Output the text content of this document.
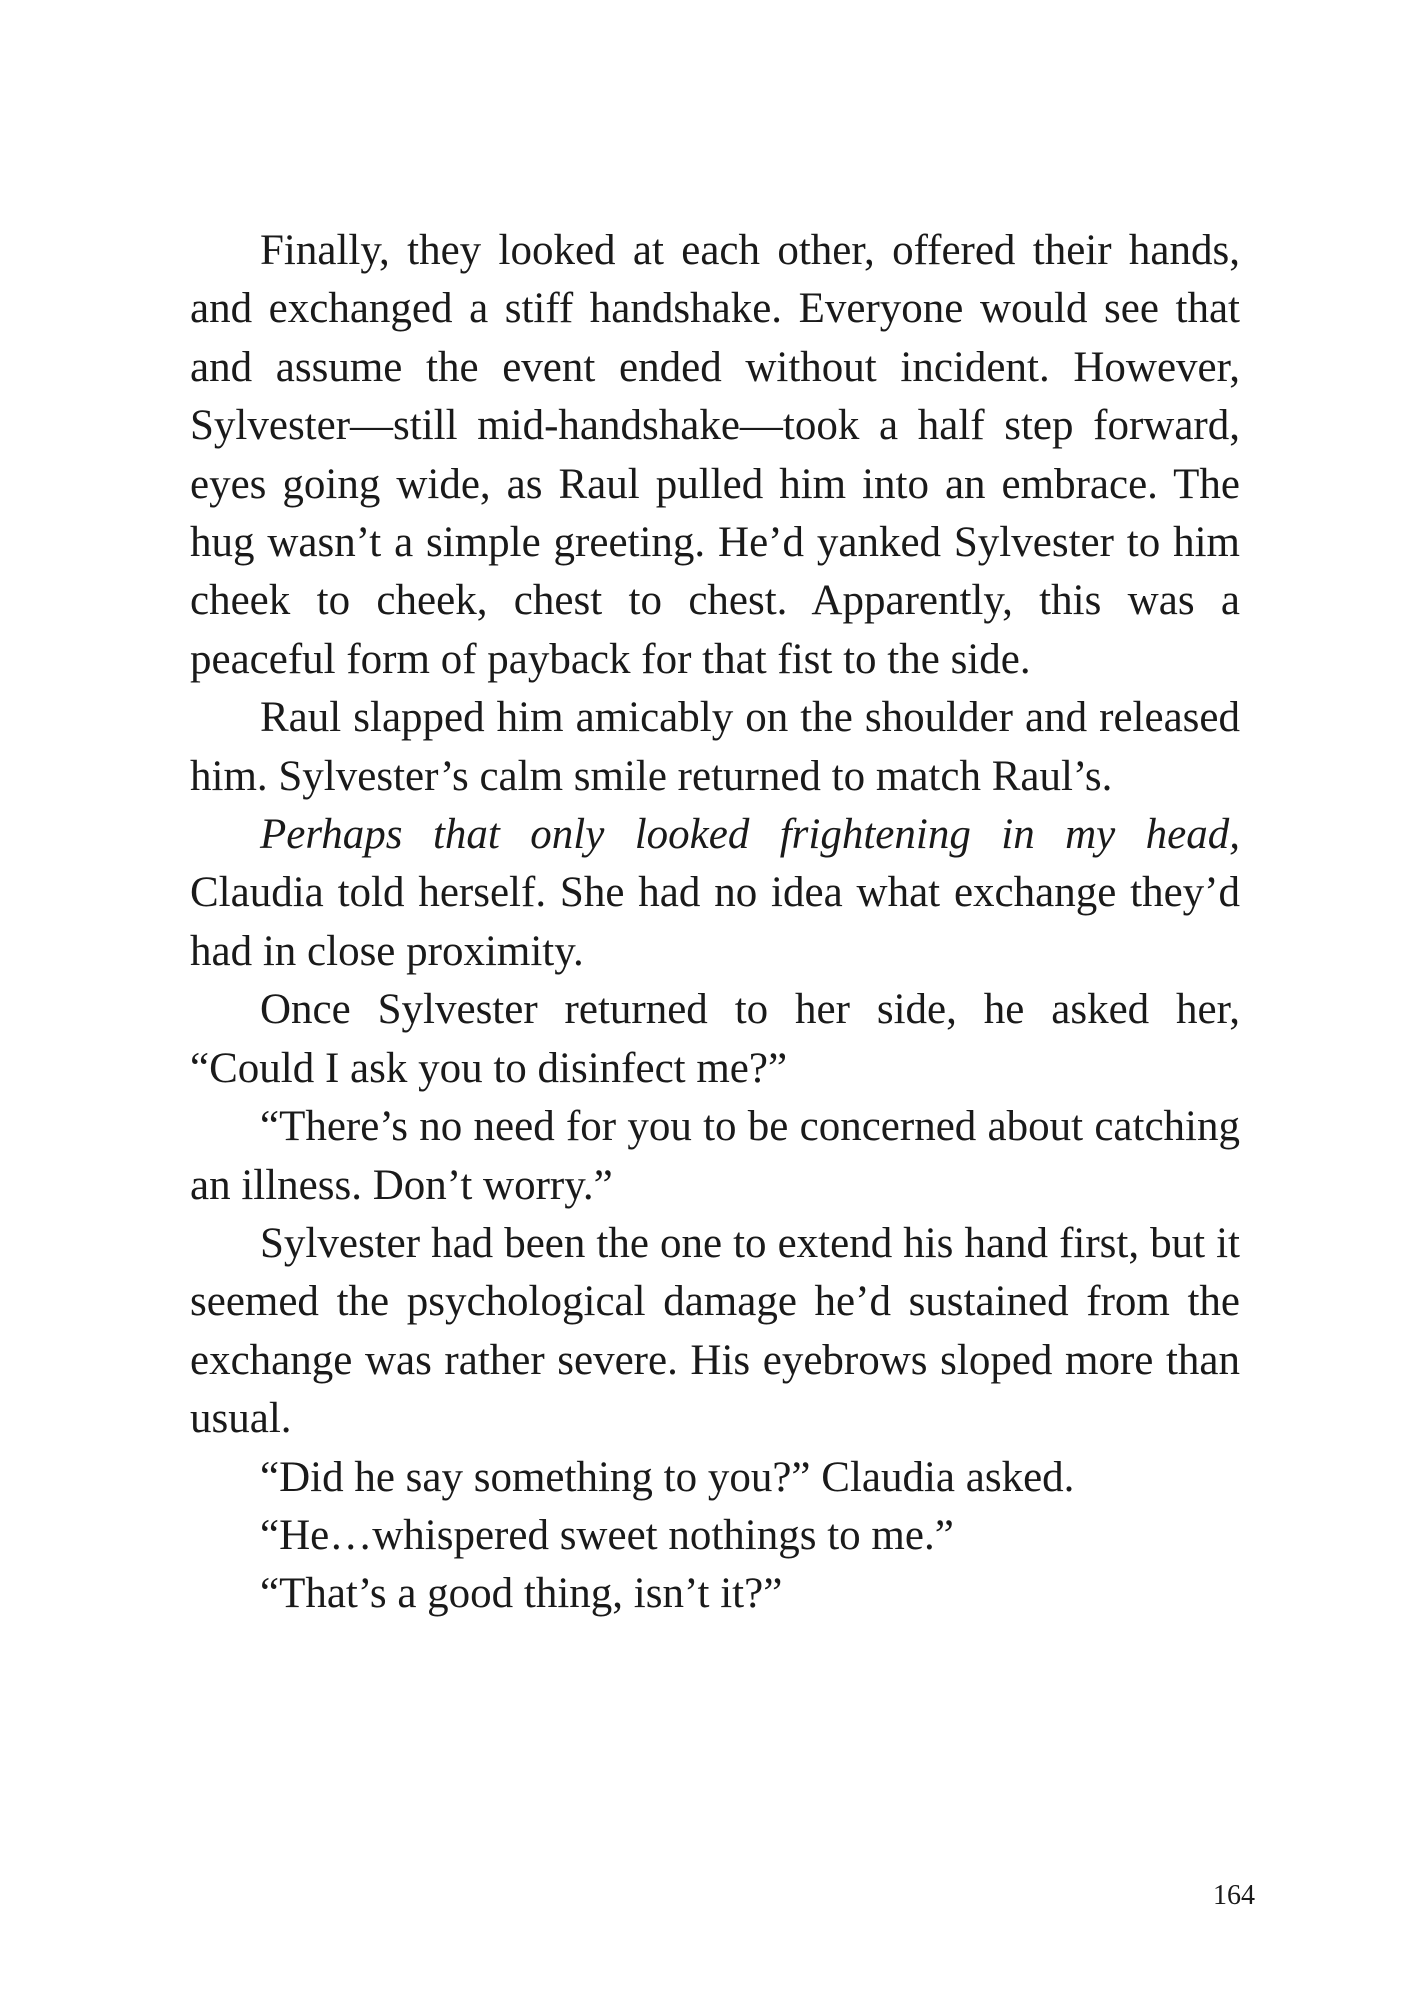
Finally, they looked at each other, offered their hands, and exchanged a stiff handshake. Everyone would see that and assume the event ended without incident. However, Sylvester—still mid-handshake—took a half step forward, eyes going wide, as Raul pulled him into an embrace. The hug wasn’t a simple greeting. He’d yanked Sylvester to him cheek to cheek, chest to chest. Apparently, this was a peaceful form of payback for that fist to the side.

Raul slapped him amicably on the shoulder and released him. Sylvester’s calm smile returned to match Raul’s.

Perhaps that only looked frightening in my head, Claudia told herself. She had no idea what exchange they’d had in close proximity.

Once Sylvester returned to her side, he asked her, “Could I ask you to disinfect me?”

“There’s no need for you to be concerned about catching an illness. Don’t worry.”

Sylvester had been the one to extend his hand first, but it seemed the psychological damage he’d sustained from the exchange was rather severe. His eyebrows sloped more than usual.

“Did he say something to you?” Claudia asked.

“He…whispered sweet nothings to me.”

“That’s a good thing, isn’t it?”

164
